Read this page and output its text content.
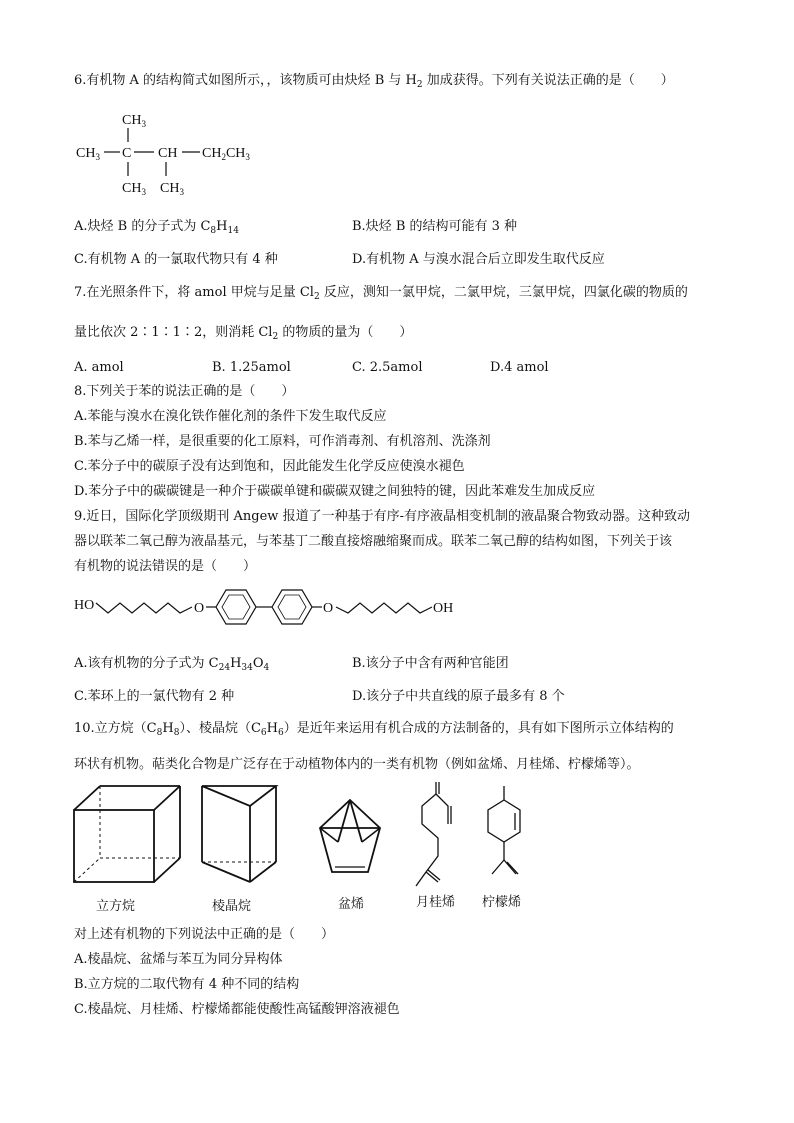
6.有机物 A 的结构简式如图所示，，该物质可由炔烃 B 与 $H_2$ 加成获得。下列有关说法正确的是（　　）
$CH_3$
$CH_3$ C CH $CH_2CH_3$
$CH_3$ $CH_3$
A.炔烃 B 的分子式为 $C_8H_{14}$	B.炔烃 B 的结构可能有 3 种
C.有机物 A 的一氯取代物只有 4 种	D.有机物 A 与溴水混合后立即发生取代反应
7.在光照条件下，将 amol 甲烷与足量 $Cl_2$ 反应，测知一氯甲烷，二氯甲烷，三氯甲烷，四氯化碳的物质的
量比依次 2∶1∶1∶2，则消耗 $Cl_2$ 的物质的量为（　　）
A. amol	B. 1.25amol	C. 2.5amol	D.4 amol
8.下列关于苯的说法正确的是（　　）
A.苯能与溴水在溴化铁作催化剂的条件下发生取代反应
B.苯与乙烯一样，是很重要的化工原料，可作消毒剂、有机溶剂、洗涤剂
C.苯分子中的碳原子没有达到饱和，因此能发生化学反应使溴水褪色
D.苯分子中的碳碳键是一种介于碳碳单键和碳碳双键之间独特的键，因此苯难发生加成反应
9.近日，国际化学顶级期刊 Angew 报道了一种基于有序-有序液晶相变机制的液晶聚合物致动器。这种致动
器以联苯二氧己醇为液晶基元，与苯基丁二酸直接熔融缩聚而成。联苯二氧己醇的结构如图，下列关于该
有机物的说法错误的是（　　）
HO	O	O	OH
A.该有机物的分子式为 $C_{24}H_{34}O_4$	B.该分子中含有两种官能团
C.苯环上的一氯代物有 2 种	D.该分子中共直线的原子最多有 8 个
10.立方烷$(C_8H_8)$、棱晶烷$(C_6H_6)$是近年来运用有机合成的方法制备的，具有如下图所示立体结构的
环状有机物。萜类化合物是广泛存在于动植物体内的一类有机物（例如盆烯、月桂烯、柠檬烯等）。
立方烷	棱晶烷	盆烯	月桂烯 柠檬烯
对上述有机物的下列说法中正确的是（　　）
A.棱晶烷、盆烯与苯互为同分异构体
B.立方烷的二取代物有 4 种不同的结构
C.棱晶烷、月桂烯、柠檬烯都能使酸性高锰酸钾溶液褪色
